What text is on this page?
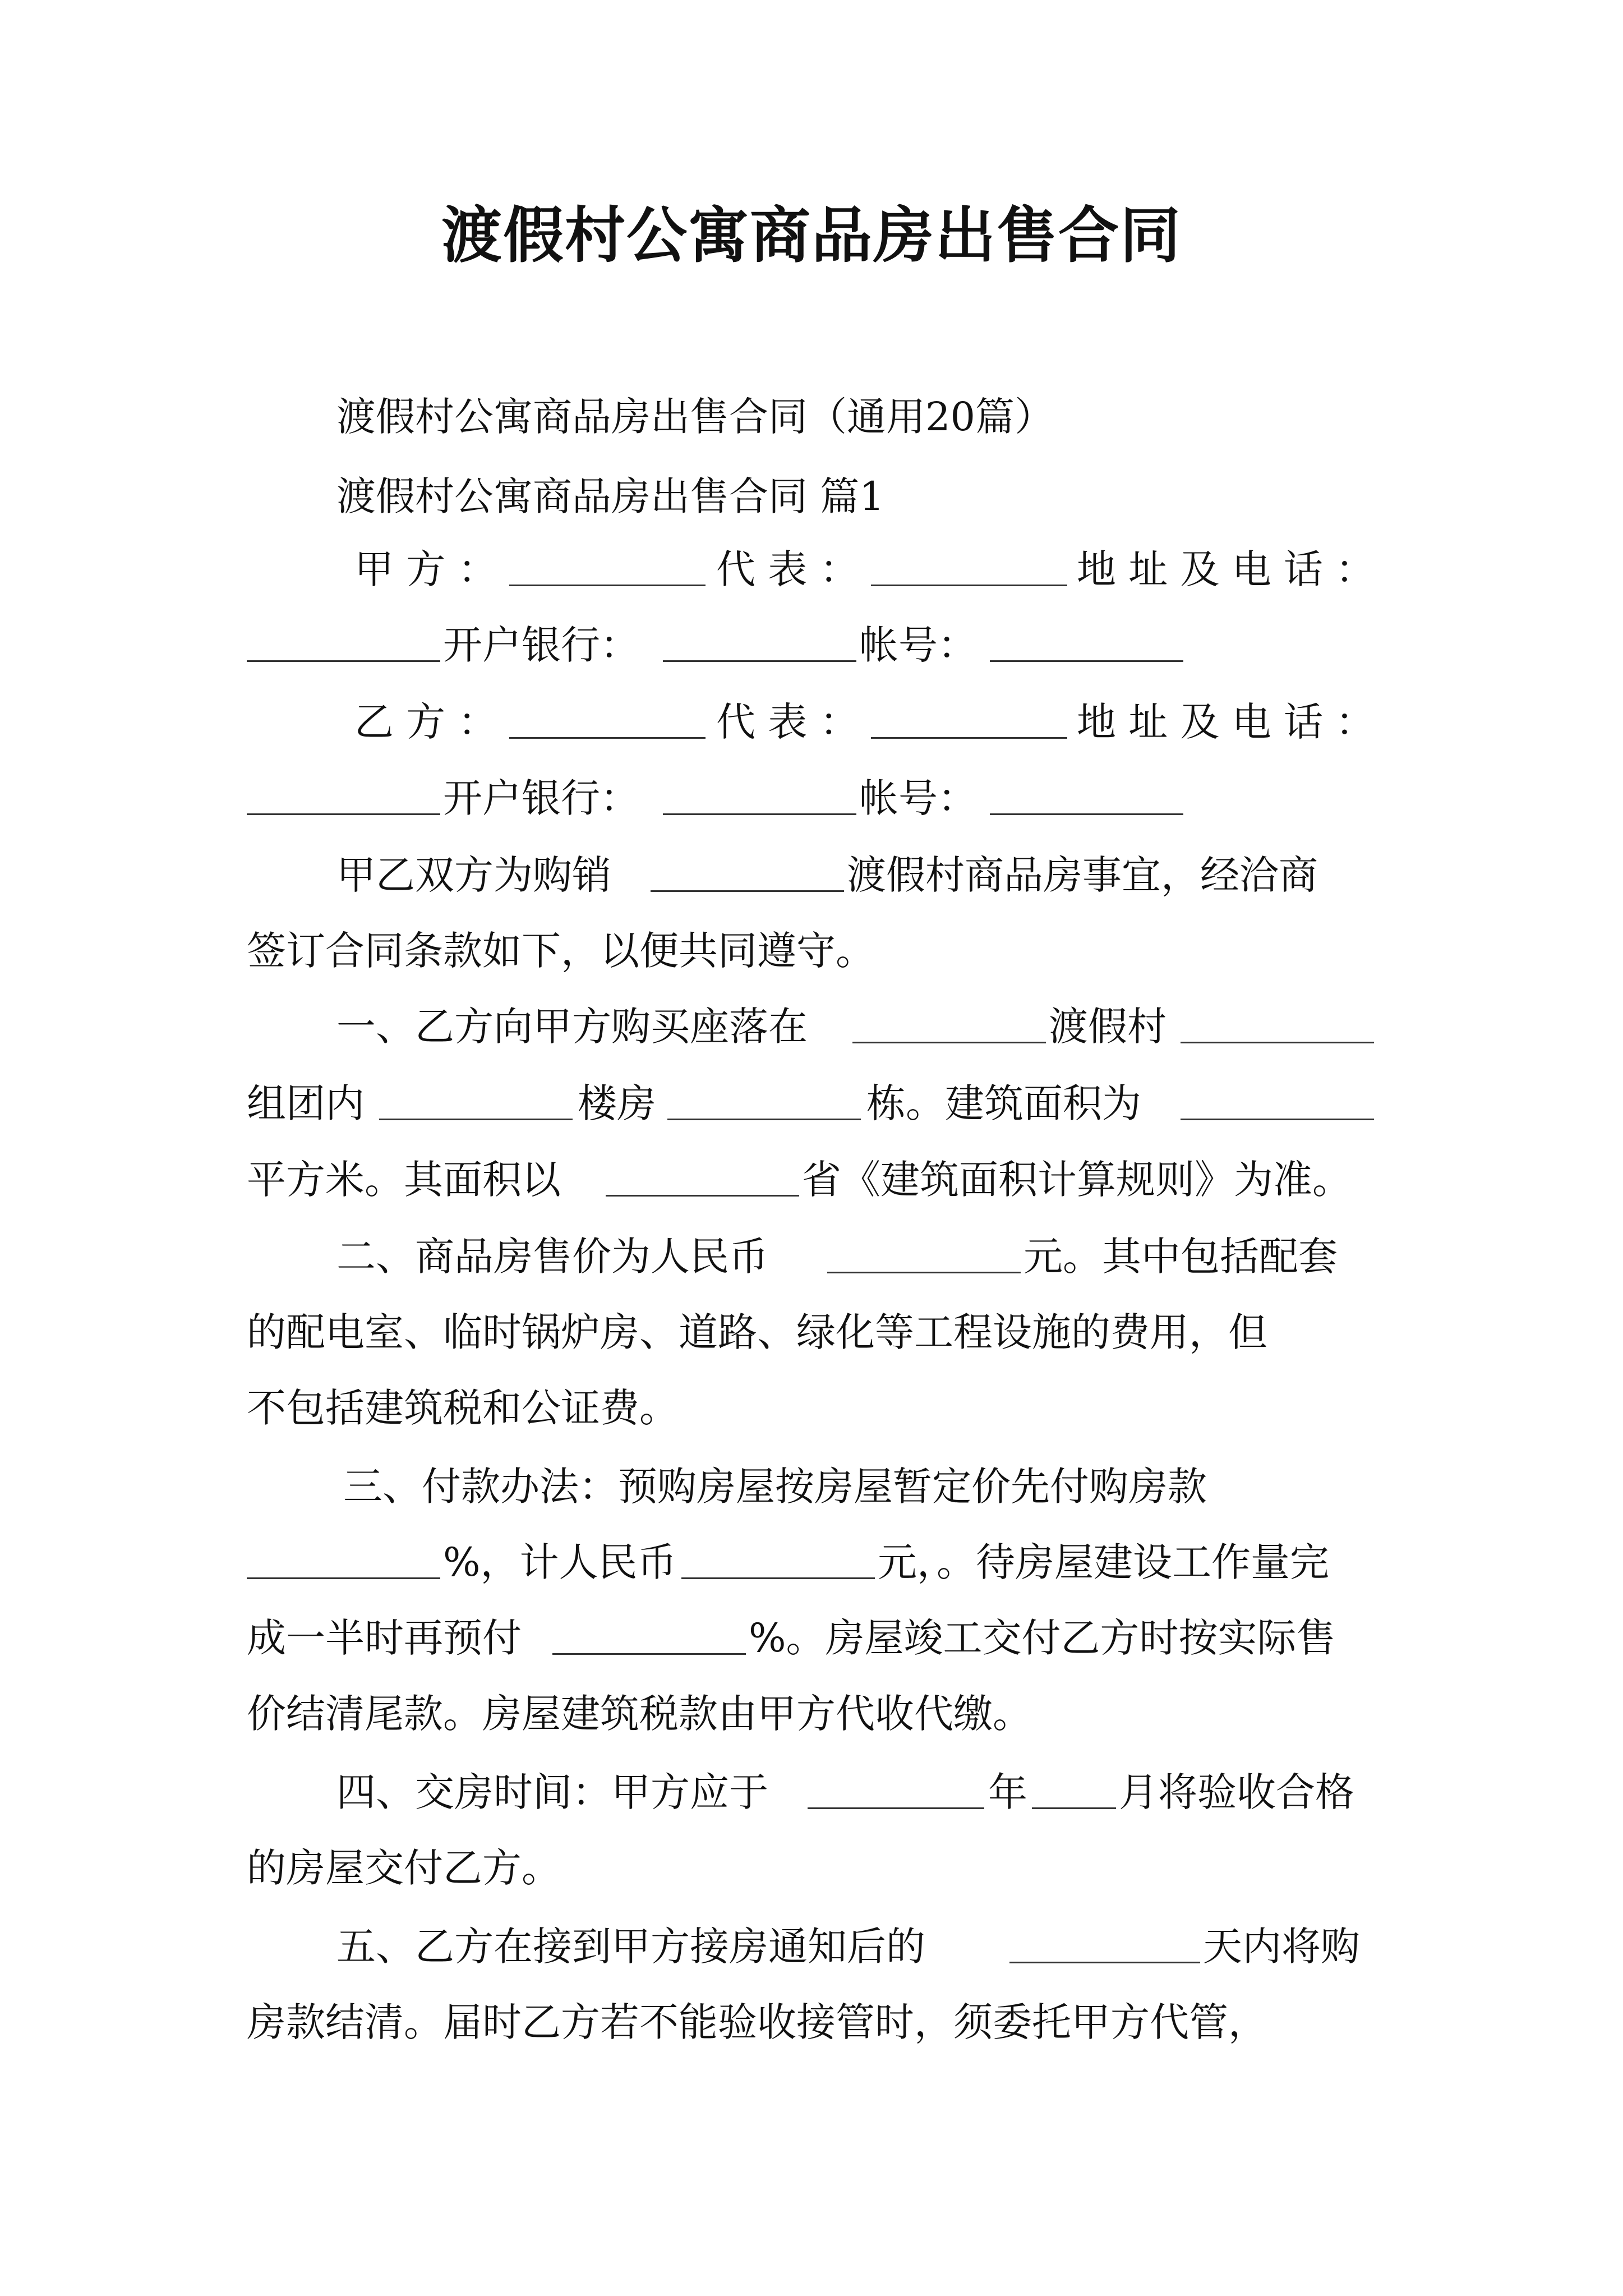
渡假村公寓商品房出售合同
渡假村公寓商品房出售合同（通用20篇）
渡假村公寓商品房出售合同 篇1
甲 方 ：	代 表 ：	地 址 及 电 话 ：
开户银行：	帐号：
乙 方 ：	代 表 ：	地 址 及 电 话 ：
开户银行：	帐号：
甲乙双方为购销	渡假村商品房事宜，经洽商
签订合同条款如下，以便共同遵守。
一、乙方向甲方购买座落在	渡假村
组团内	楼房	栋。建筑面积为
平方米。其面积以	省《建筑面积计算规则》为准。
二、商品房售价为人民币	元。其中包括配套
的配电室、临时锅炉房、道路、绿化等工程设施的费用，但
不包括建筑税和公证费。
三、付款办法：预购房屋按房屋暂定价先付购房款
%，计人民币	元，。待房屋建设工作量完
成一半时再预付	%。房屋竣工交付乙方时按实际售
价结清尾款。房屋建筑税款由甲方代收代缴。
四、交房时间：甲方应于	年 月将验收合格
的房屋交付乙方。
五、乙方在接到甲方接房通知后的	天内将购
房款结清。届时乙方若不能验收接管时，须委托甲方代管，
